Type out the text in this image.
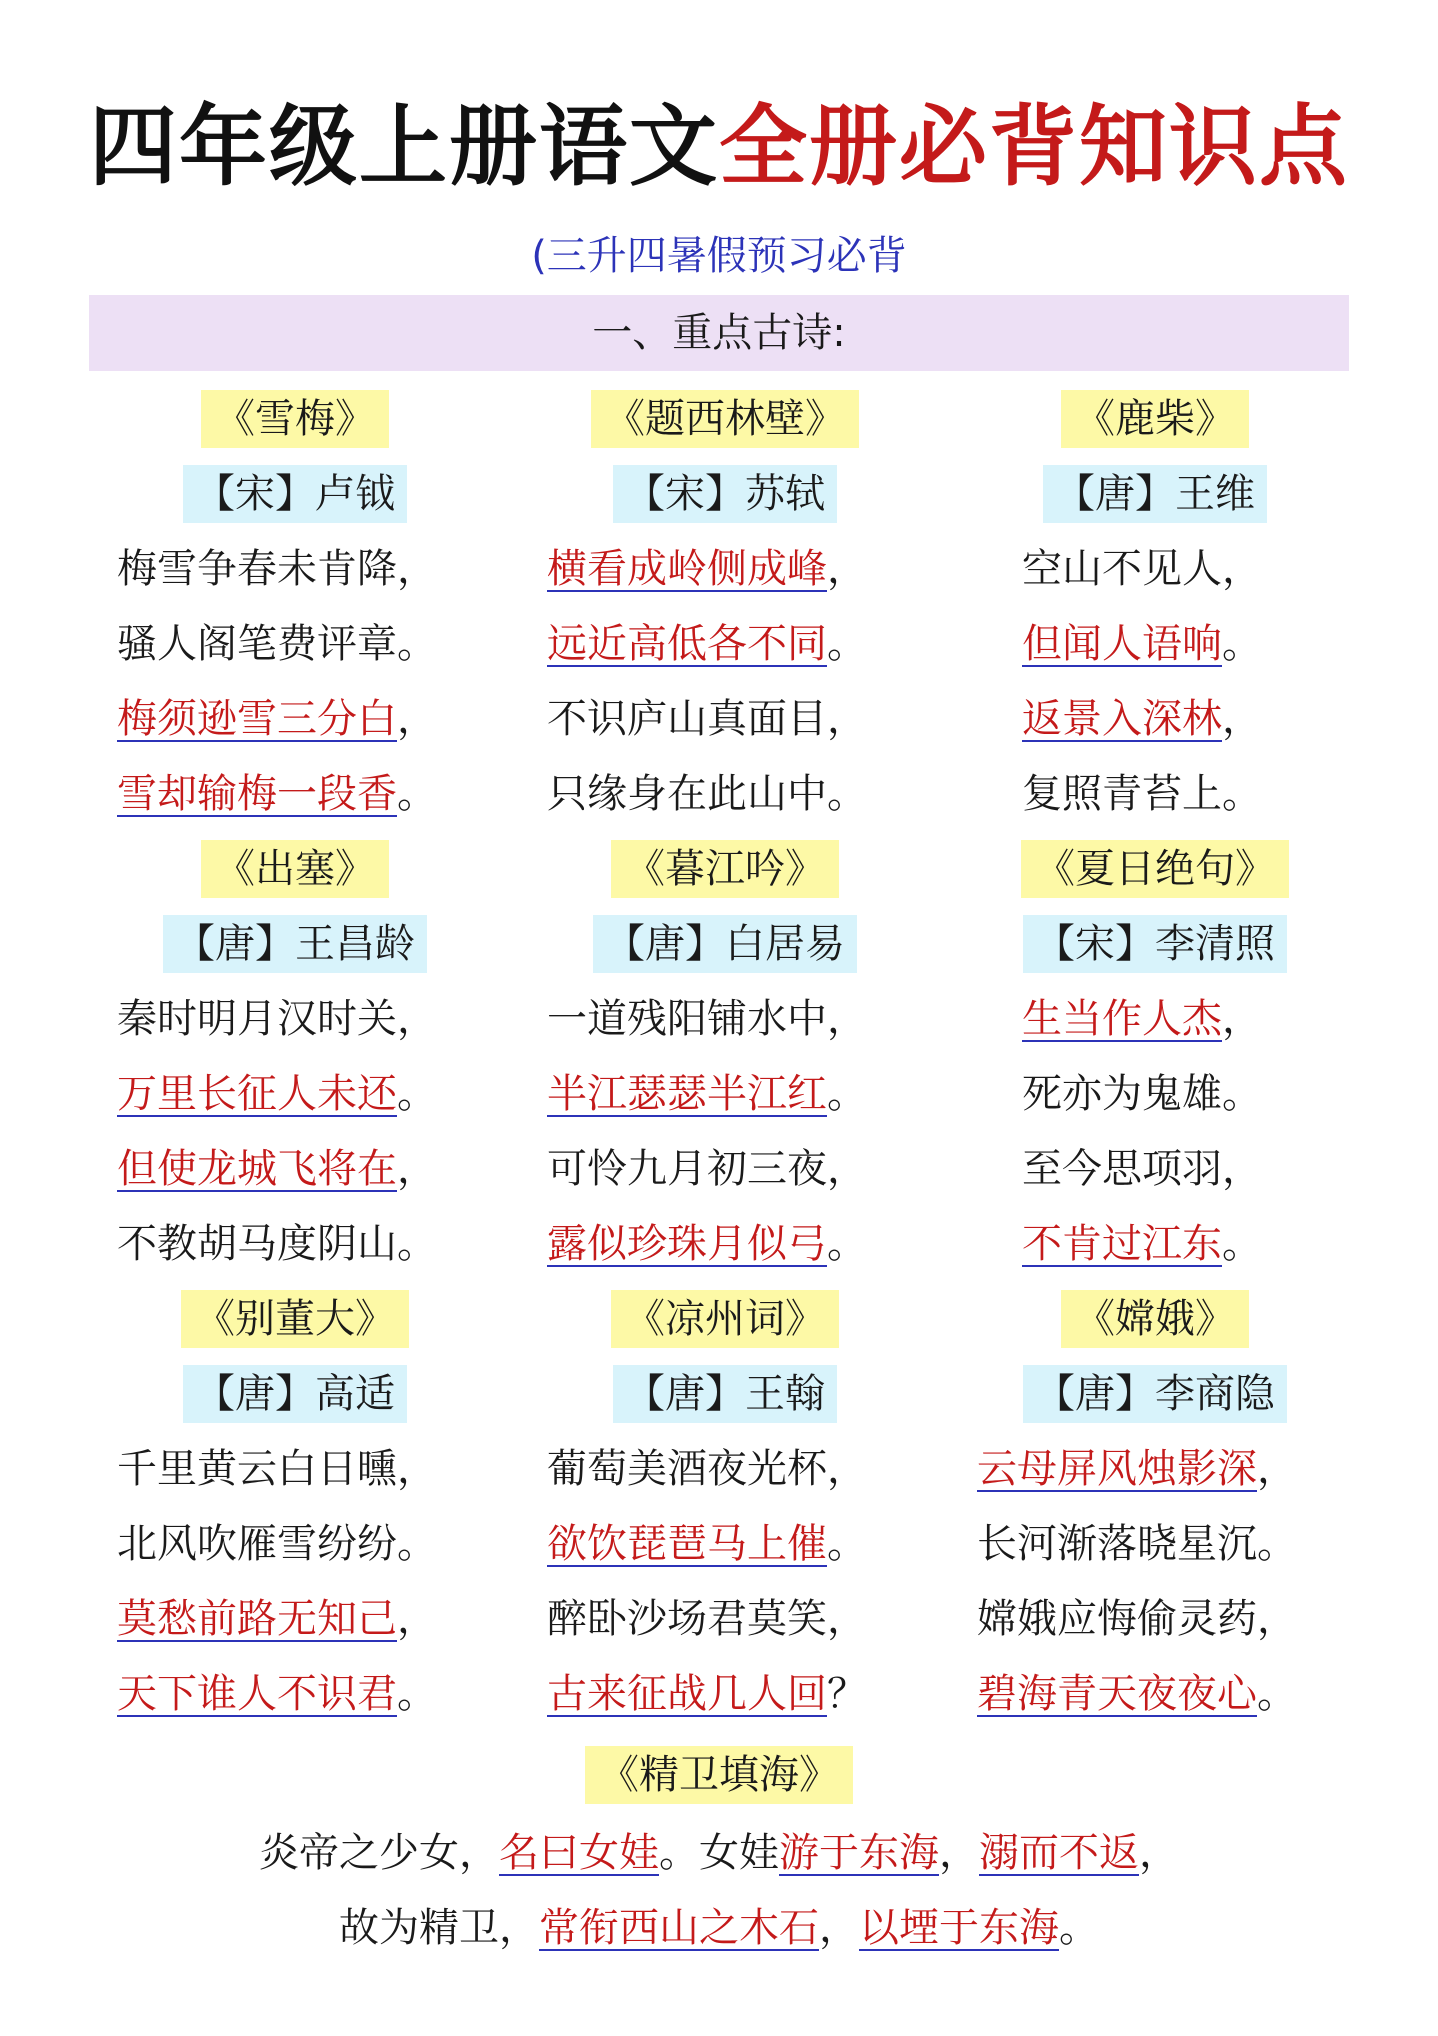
四年级上册语文全册必背知识点
(三升四暑假预习必背
一、重点古诗:
《雪梅》
【宋】卢钺
梅雪争春未肯降，
骚人阁笔费评章。
梅须逊雪三分白，
雪却输梅一段香。
《出塞》
【唐】王昌龄
秦时明月汉时关，
万里长征人未还。
但使龙城飞将在，
不教胡马度阴山。
《别董大》
【唐】高适
千里黄云白日曛，
北风吹雁雪纷纷。
莫愁前路无知己，
天下谁人不识君。
《题西林壁》
【宋】苏轼
横看成岭侧成峰，
远近高低各不同。
不识庐山真面目，
只缘身在此山中。
《暮江吟》
【唐】白居易
一道残阳铺水中，
半江瑟瑟半江红。
可怜九月初三夜，
露似珍珠月似弓。
《凉州词》
【唐】王翰
葡萄美酒夜光杯，
欲饮琵琶马上催。
醉卧沙场君莫笑，
古来征战几人回？
《鹿柴》
【唐】王维
空山不见人，
但闻人语响。
返景入深林，
复照青苔上。
《夏日绝句》
【宋】李清照
生当作人杰，
死亦为鬼雄。
至今思项羽，
不肯过江东。
《嫦娥》
【唐】李商隐
云母屏风烛影深，
长河渐落晓星沉。
嫦娥应悔偷灵药，
碧海青天夜夜心。
《精卫填海》
炎帝之少女，名曰女娃。女娃游于东海，溺而不返，
故为精卫，常衔西山之木石，以堙于东海。
